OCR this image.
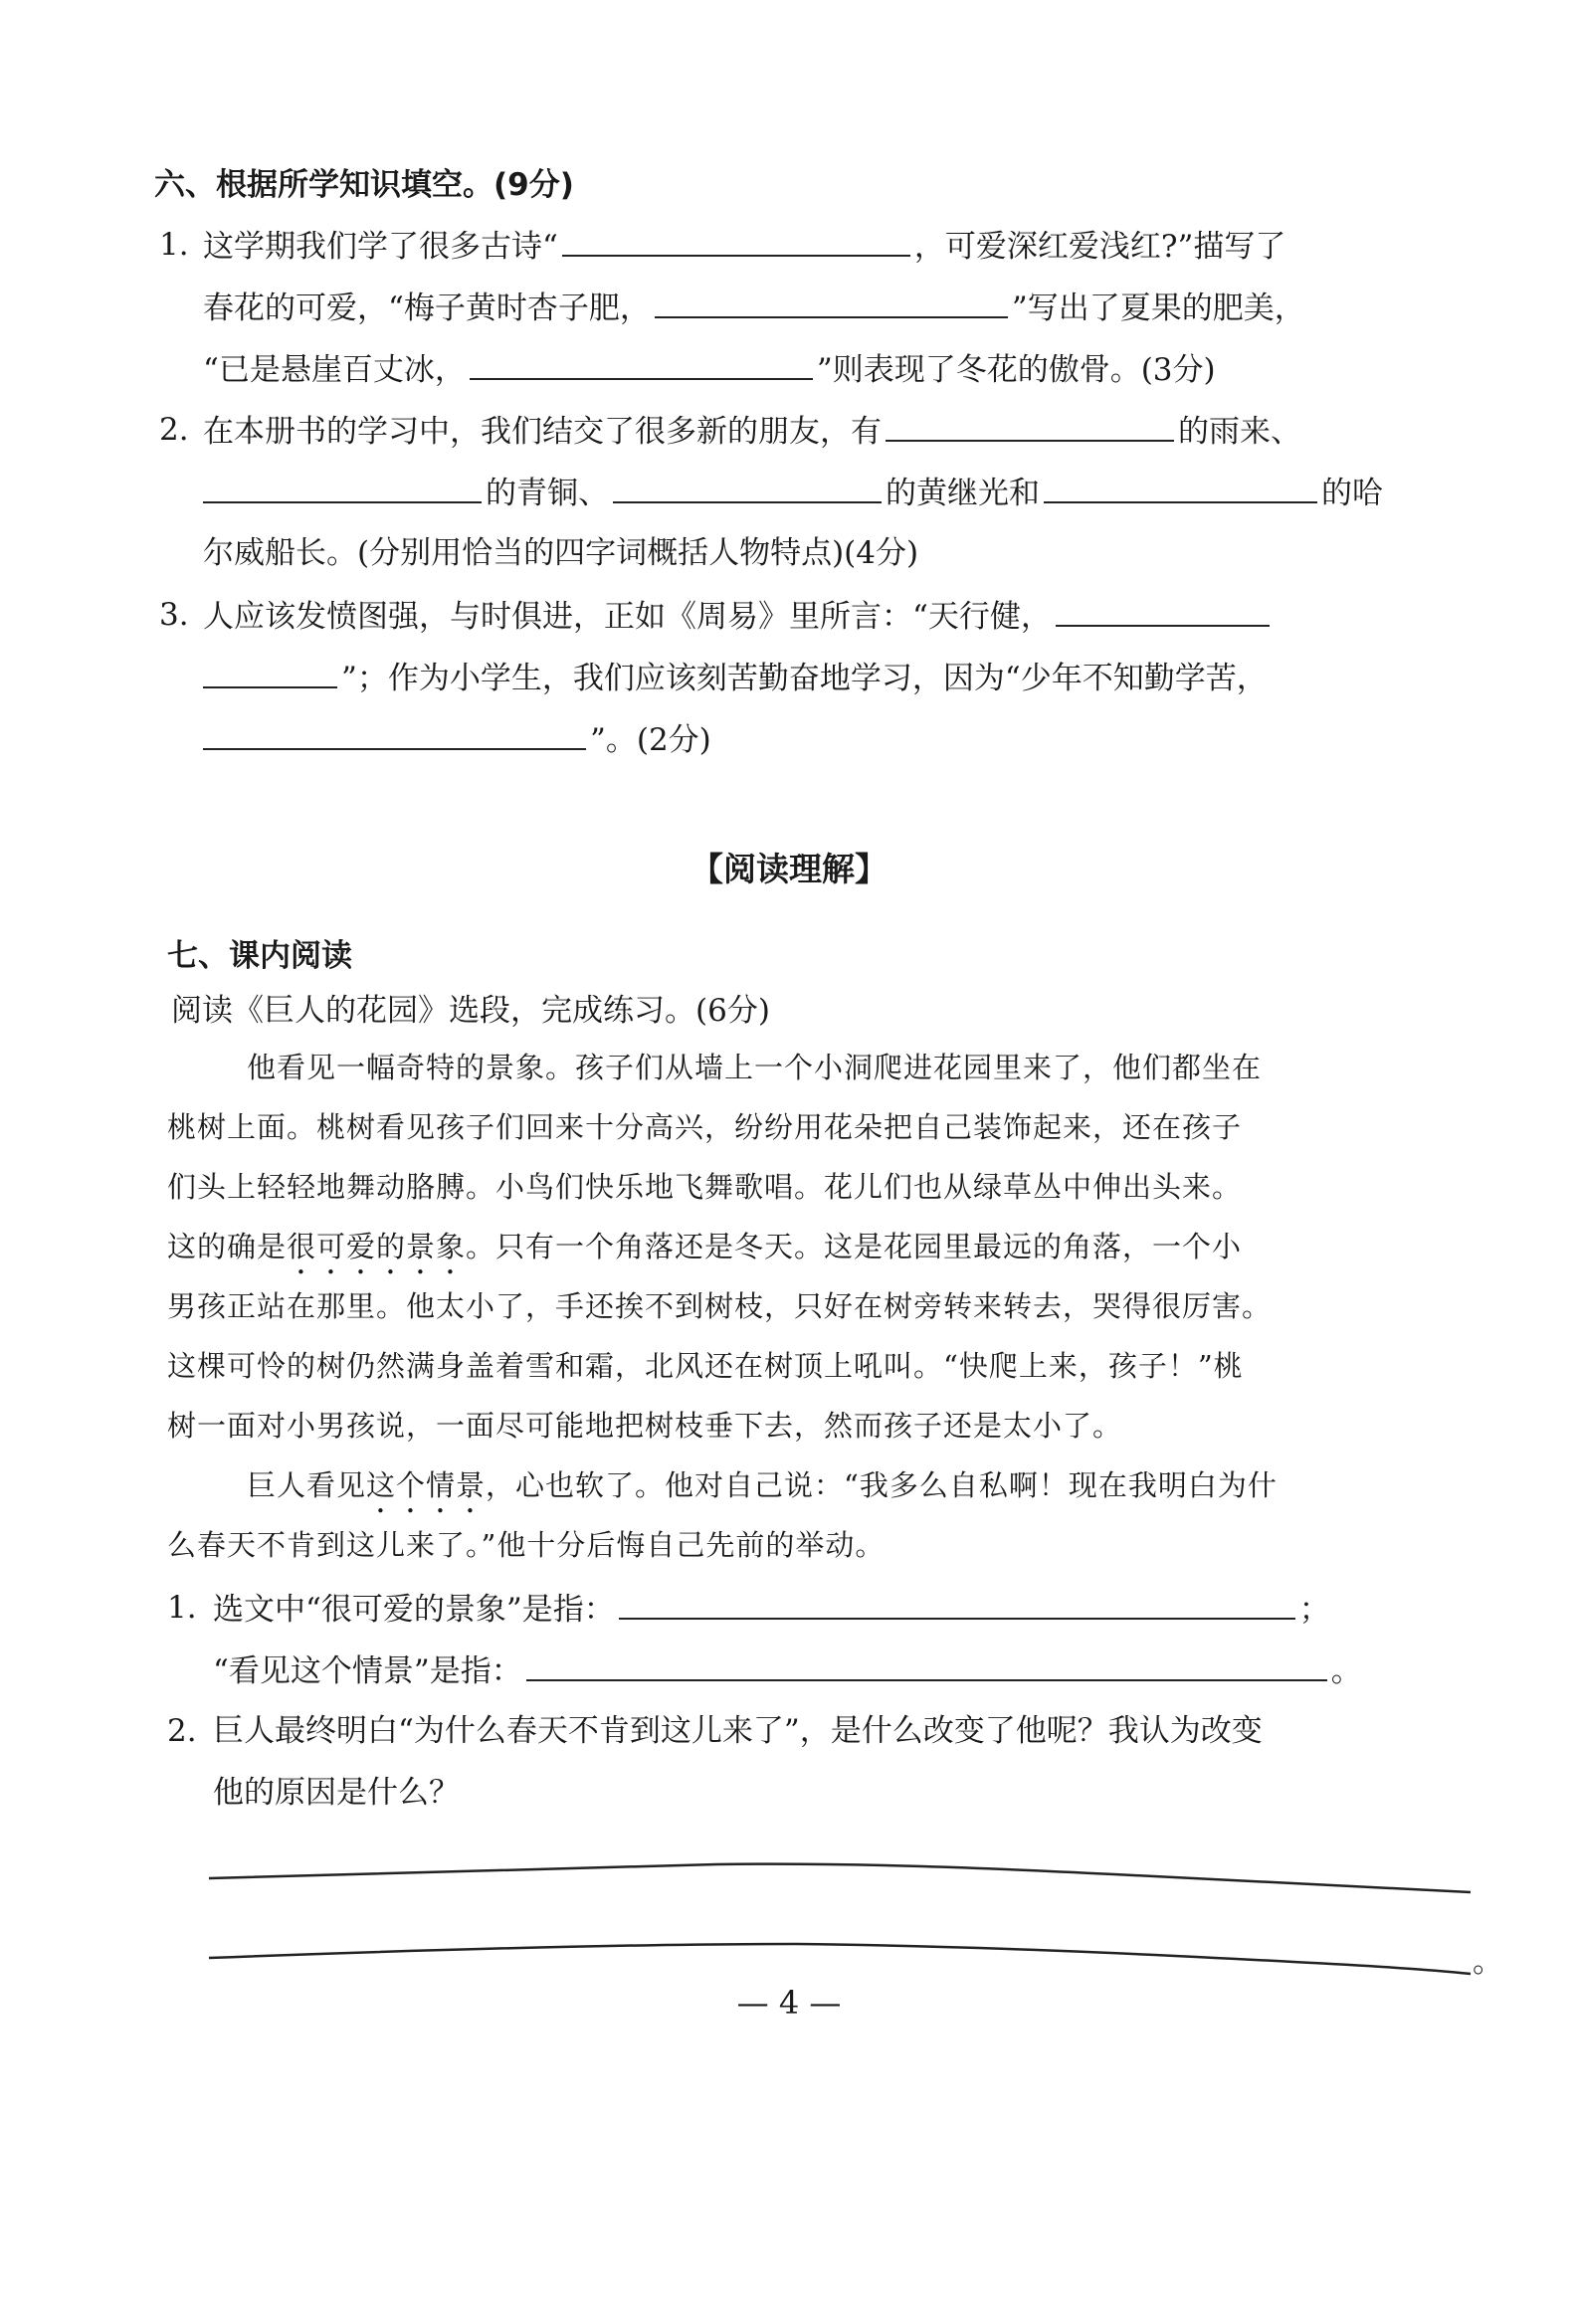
六、根据所学知识填空。(9分)
1. 这学期我们学了很多古诗“	，可爱深红爱浅红?”描写了
春花的可爱，“梅子黄时杏子肥，	”写出了夏果的肥美，
“已是悬崖百丈冰，	”则表现了冬花的傲骨。(3分)
2. 在本册书的学习中，我们结交了很多新的朋友，有	的雨来、
的青铜、	的黄继光和	的哈
尔威船长。(分别用恰当的四字词概括人物特点)(4分)
3. 人应该发愤图强，与时俱进，正如《周易》里所言：“天行健，
”；作为小学生，我们应该刻苦勤奋地学习，因为“少年不知勤学苦，
”。(2分)
【阅读理解】
七、课内阅读
阅读《巨人的花园》选段，完成练习。(6分)
他看见一幅奇特的景象。孩子们从墙上一个小洞爬进花园里来了，他们都坐在
桃树上面。桃树看见孩子们回来十分高兴，纷纷用花朵把自己装饰起来，还在孩子
们头上轻轻地舞动胳膊。小鸟们快乐地飞舞歌唱。花儿们也从绿草丛中伸出头来。
这的确是很可爱的景象。只有一个角落还是冬天。这是花园里最远的角落，一个小
男孩正站在那里。他太小了，手还挨不到树枝，只好在树旁转来转去，哭得很厉害。
这棵可怜的树仍然满身盖着雪和霜，北风还在树顶上吼叫。“快爬上来，孩子！”桃
树一面对小男孩说，一面尽可能地把树枝垂下去，然而孩子还是太小了。
巨人看见这个情景，心也软了。他对自己说：“我多么自私啊！现在我明白为什
么春天不肯到这儿来了。”他十分后悔自己先前的举动。
1. 选文中“很可爱的景象”是指：	；
“看见这个情景”是指：	。
2. 巨人最终明白“为什么春天不肯到这儿来了”，是什么改变了他呢？我认为改变
他的原因是什么？
。
— 4 —
